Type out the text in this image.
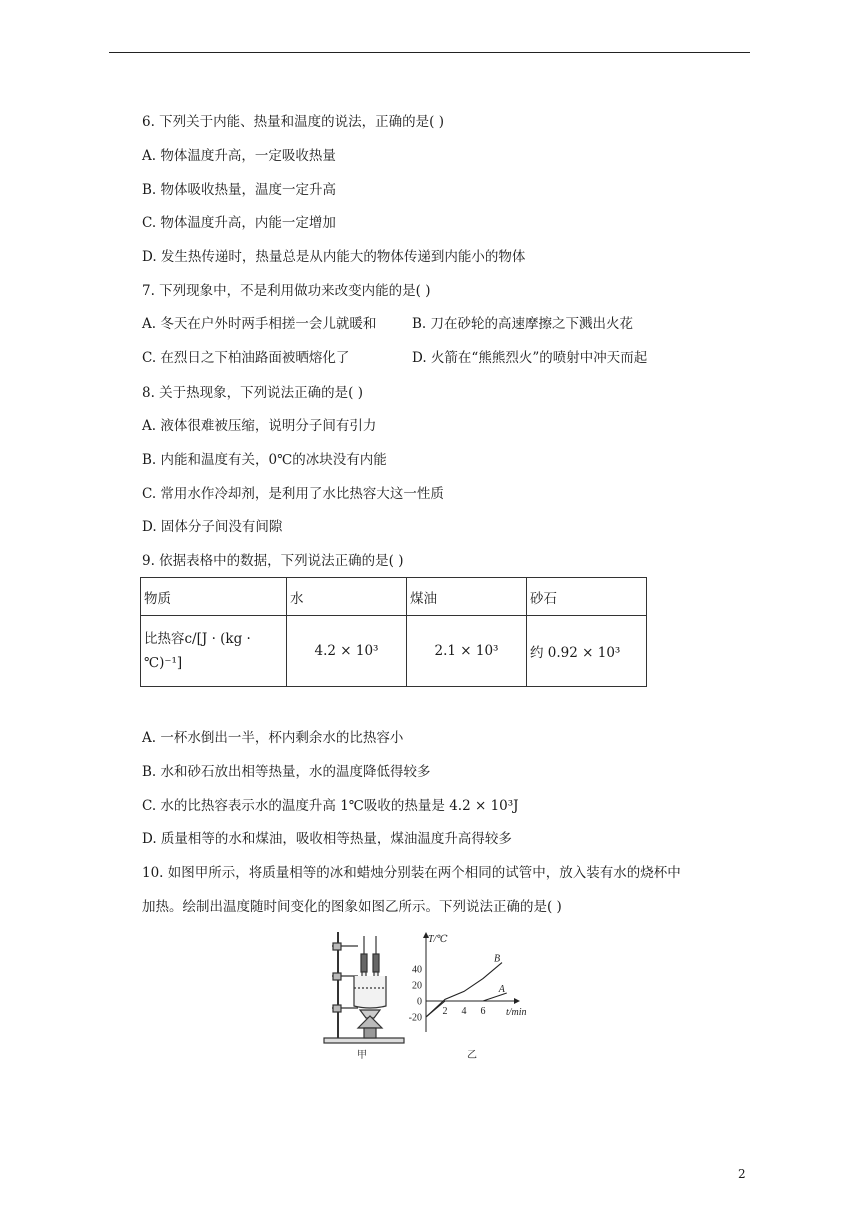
6. 下列关于内能、热量和温度的说法，正确的是( )
A. 物体温度升高，一定吸收热量
B. 物体吸收热量，温度一定升高
C. 物体温度升高，内能一定增加
D. 发生热传递时，热量总是从内能大的物体传递到内能小的物体
7. 下列现象中，不是利用做功来改变内能的是( )
A. 冬天在户外时两手相搓一会儿就暖和	B. 刀在砂轮的高速摩擦之下溅出火花
C. 在烈日之下柏油路面被晒熔化了	D. 火箭在“熊熊烈火”的喷射中冲天而起
8. 关于热现象，下列说法正确的是( )
A. 液体很难被压缩，说明分子间有引力
B. 内能和温度有关，0℃的冰块没有内能
C. 常用水作冷却剂，是利用了水比热容大这一性质
D. 固体分子间没有间隙
9. 依据表格中的数据，下列说法正确的是( )
物质	水	煤油	砂石

比热容c/[J · (kg ·
℃)⁻¹]	4.2 × 10³	2.1 × 10³	约 0.92 × 10³
A. 一杯水倒出一半，杯内剩余水的比热容小
B. 水和砂石放出相等热量，水的温度降低得较多
C. 水的比热容表示水的温度升高 1℃吸收的热量是 4.2 × 10³J
D. 质量相等的水和煤油，吸收相等热量，煤油温度升高得较多
10. 如图甲所示，将质量相等的冰和蜡烛分别装在两个相同的试管中，放入装有水的烧杯中
加热。绘制出温度随时间变化的图象如图乙所示。下列说法正确的是( )
甲
T/℃
t/min
40
20
0
-20
2 4 6
A
B
乙
2
